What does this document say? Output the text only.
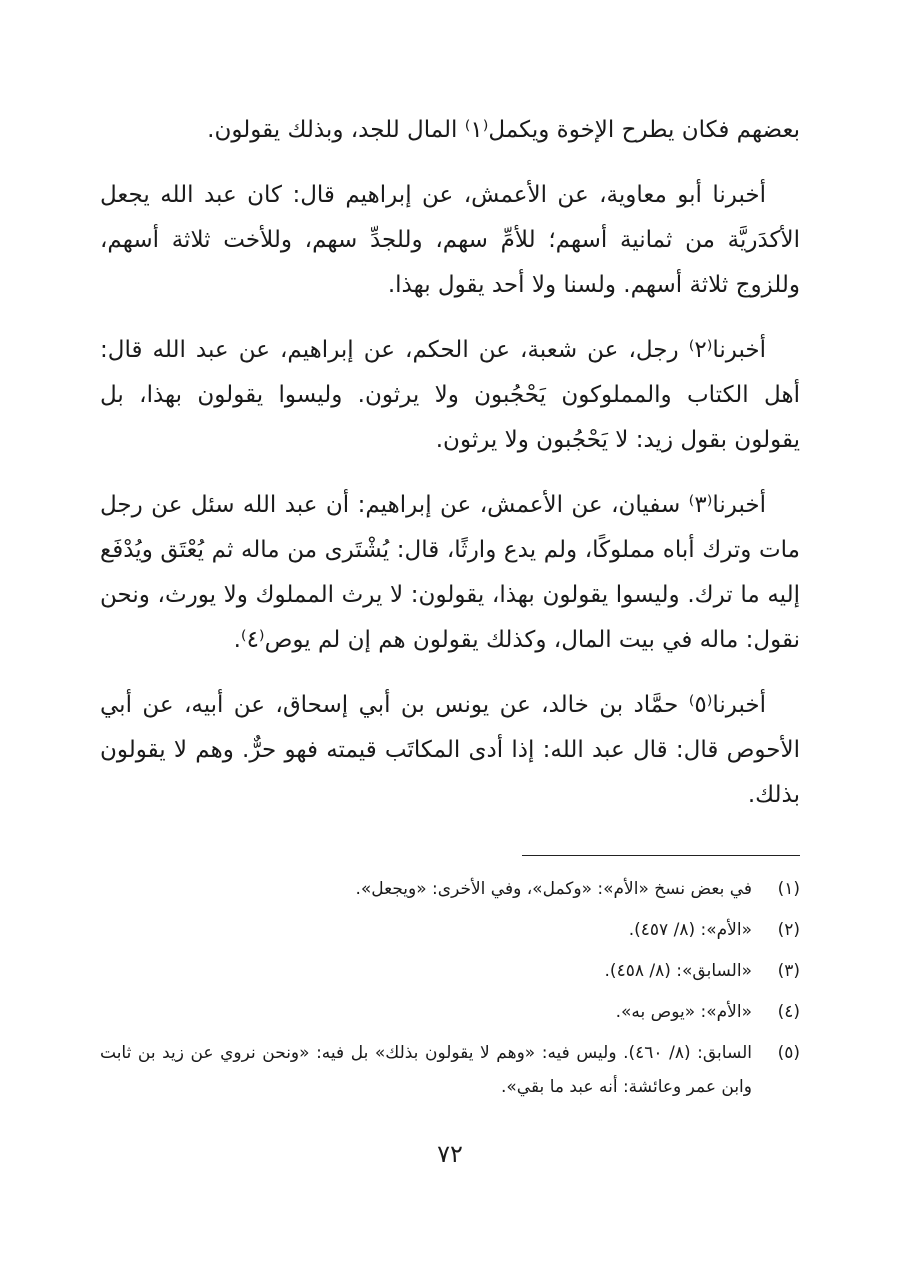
بعضهم فكان يطرح الإخوة ويكمل⁽١⁾ المال للجد، وبذلك يقولون.

أخبرنا أبو معاوية، عن الأعمش، عن إبراهيم قال: كان عبد الله يجعل الأكدَريَّة من ثمانية أسهم؛ للأمِّ سهم، وللجدِّ سهم، وللأخت ثلاثة أسهم، وللزوج ثلاثة أسهم. ولسنا ولا أحد يقول بهذا.

أخبرنا⁽٢⁾ رجل، عن شعبة، عن الحكم، عن إبراهيم، عن عبد الله قال: أهل الكتاب والمملوكون يَحْجُبون ولا يرثون. وليسوا يقولون بهذا، بل يقولون بقول زيد: لا يَحْجُبون ولا يرثون.

أخبرنا⁽٣⁾ سفيان، عن الأعمش، عن إبراهيم: أن عبد الله سئل عن رجل مات وترك أباه مملوكًا، ولم يدع وارثًا، قال: يُشْتَرى من ماله ثم يُعْتَق ويُدْفَع إليه ما ترك. وليسوا يقولون بهذا، يقولون: لا يرث المملوك ولا يورث، ونحن نقول: ماله في بيت المال، وكذلك يقولون هم إن لم يوص⁽٤⁾.

أخبرنا⁽٥⁾ حمَّاد بن خالد، عن يونس بن أبي إسحاق، عن أبيه، عن أبي الأحوص قال: قال عبد الله: إذا أدى المكاتَب قيمته فهو حرٌّ. وهم لا يقولون بذلك.

(١)
في بعض نسخ «الأم»: «وكمل»، وفي الأخرى: «ويجعل».
(٢)
«الأم»: (٨/ ٤٥٧).
(٣)
«السابق»: (٨/ ٤٥٨).
(٤)
«الأم»: «يوص به».
(٥)
السابق: (٨/ ٤٦٠). وليس فيه: «وهم لا يقولون بذلك» بل فيه: «ونحن نروي عن زيد بن ثابت وابن عمر وعائشة: أنه عبد ما بقي».
٧٢
